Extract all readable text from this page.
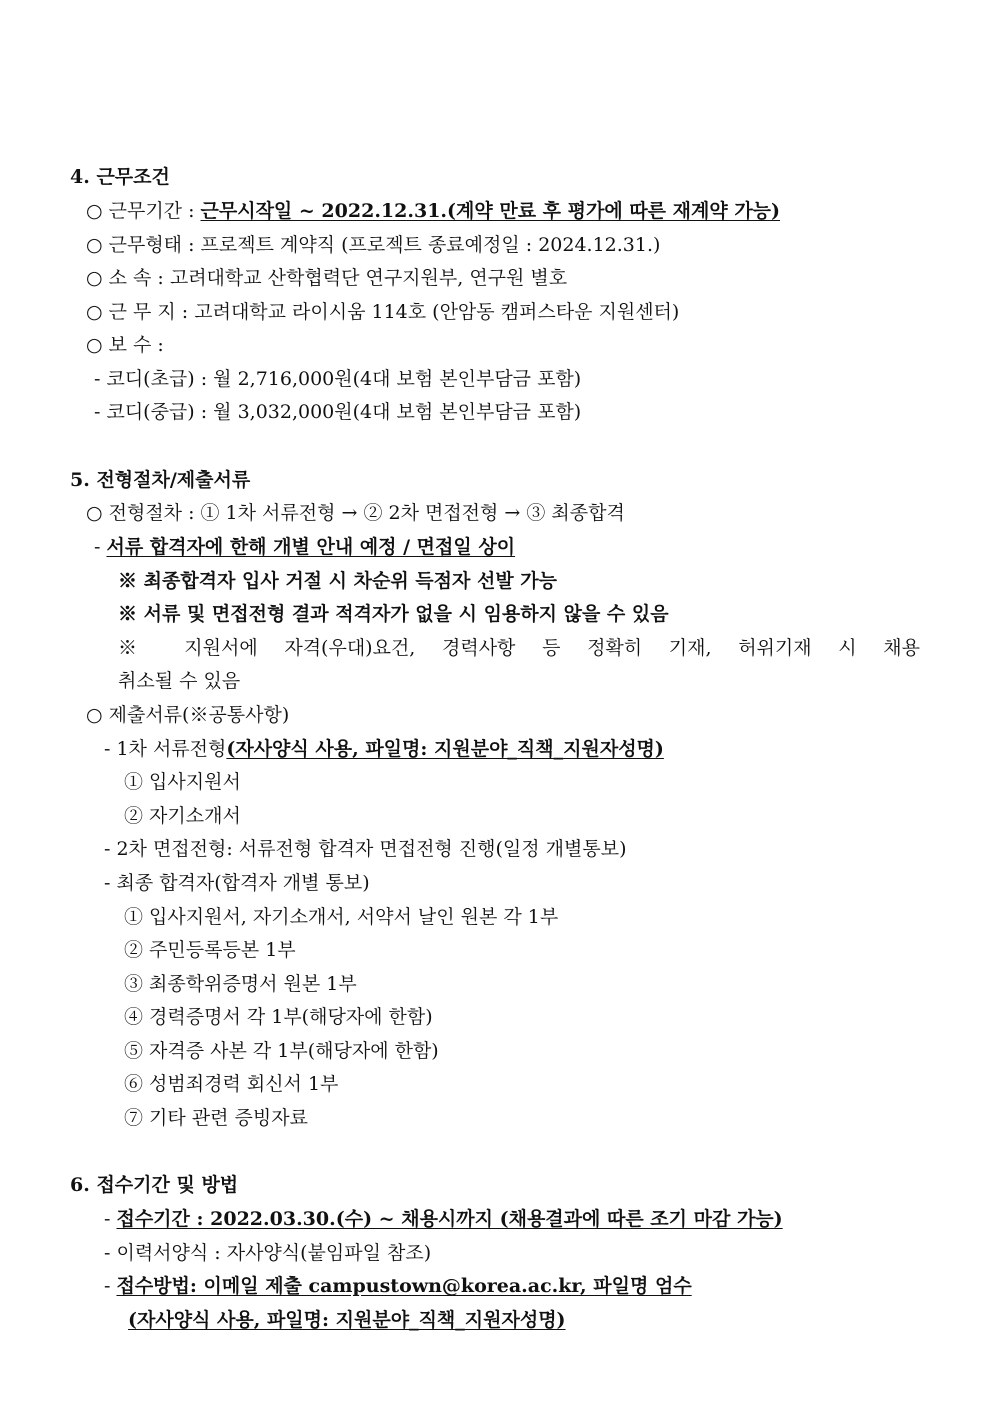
4. 근무조건
○ 근무기간 : 근무시작일 ~ 2022.12.31.(계약 만료 후 평가에 따른 재계약 가능)
○ 근무형태 : 프로젝트 계약직 (프로젝트 종료예정일 : 2024.12.31.)
○ 소 속 : 고려대학교 산학협력단 연구지원부, 연구원 별호
○ 근 무 지 : 고려대학교 라이시움 114호 (안암동 캠퍼스타운 지원센터)
○ 보 수 :
- 코디(초급) : 월 2,716,000원(4대 보험 본인부담금 포함)
- 코디(중급) : 월 3,032,000원(4대 보험 본인부담금 포함)
5. 전형절차/제출서류
○ 전형절차 : ① 1차 서류전형 → ② 2차 면접전형 → ③ 최종합격
- 서류 합격자에 한해 개별 안내 예정 / 면접일 상이
※ 최종합격자 입사 거절 시 차순위 득점자 선발 가능
※ 서류 및 면접전형 결과 적격자가 없을 시 임용하지 않을 수 있음
※ 지원서에 자격(우대)요건, 경력사항 등 정확히 기재, 허위기재 시 채용
취소될 수 있음
○ 제출서류(※공통사항)
- 1차 서류전형(자사양식 사용, 파일명: 지원분야_직책_지원자성명)
① 입사지원서
② 자기소개서
- 2차 면접전형: 서류전형 합격자 면접전형 진행(일정 개별통보)
- 최종 합격자(합격자 개별 통보)
① 입사지원서, 자기소개서, 서약서 날인 원본 각 1부
② 주민등록등본 1부
③ 최종학위증명서 원본 1부
④ 경력증명서 각 1부(해당자에 한함)
⑤ 자격증 사본 각 1부(해당자에 한함)
⑥ 성범죄경력 회신서 1부
⑦ 기타 관련 증빙자료
6. 접수기간 및 방법
- 접수기간 : 2022.03.30.(수) ~ 채용시까지 (채용결과에 따른 조기 마감 가능)
- 이력서양식 : 자사양식(붙임파일 참조)
- 접수방법: 이메일 제출 campustown@korea.ac.kr, 파일명 엄수
(자사양식 사용, 파일명: 지원분야_직책_지원자성명)
